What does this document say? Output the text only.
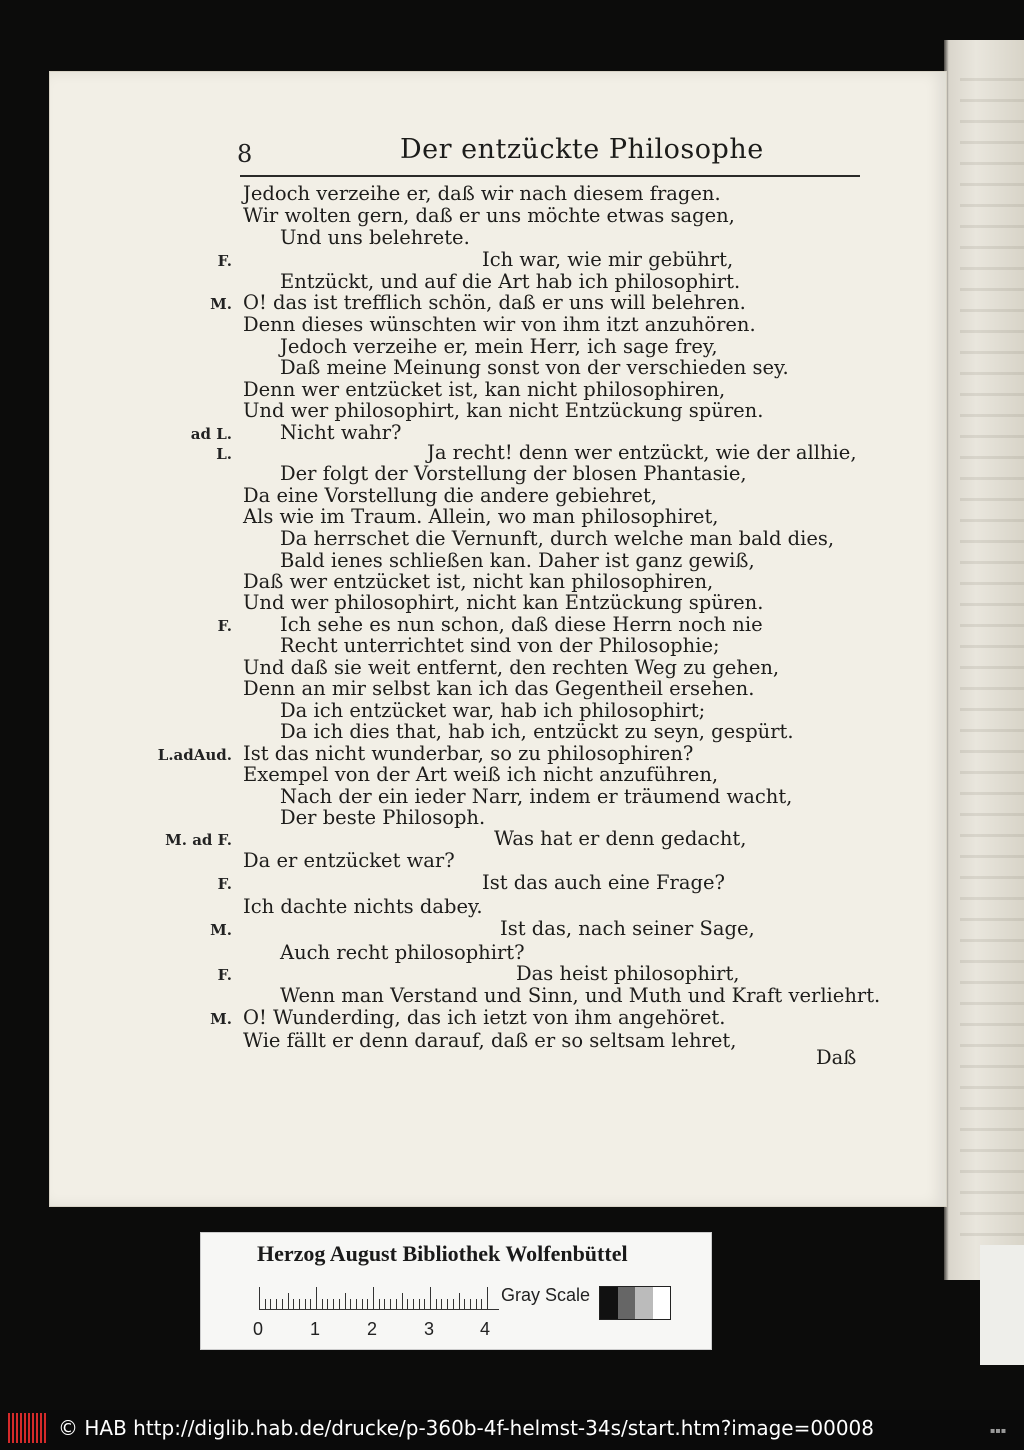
8	Der entzückte Philosophe
Jedoch verzeihe er, daß wir nach diesem fragen.
Wir wolten gern, daß er uns möchte etwas sagen,
Und uns belehrete.
Ich war, wie mir gebührt,
F.
Entzückt, und auf die Art hab ich philosophirt.
O! das ist trefflich schön, daß er uns will belehren.
M.
Denn dieses wünschten wir von ihm itzt anzuhören.
Jedoch verzeihe er, mein Herr, ich sage frey,
Daß meine Meinung sonst von der verschieden sey.
Denn wer entzücket ist, kan nicht philosophiren,
Und wer philosophirt, kan nicht Entzückung spüren.
Nicht wahr?
ad L.
Ja recht! denn wer entzückt, wie der allhie,
L.
Der folgt der Vorstellung der blosen Phantasie,
Da eine Vorstellung die andere gebiehret,
Als wie im Traum. Allein, wo man philosophiret,
Da herrschet die Vernunft, durch welche man bald dies,
Bald ienes schließen kan. Daher ist ganz gewiß,
Daß wer entzücket ist, nicht kan philosophiren,
Und wer philosophirt, nicht kan Entzückung spüren.
Ich sehe es nun schon, daß diese Herrn noch nie
F.
Recht unterrichtet sind von der Philosophie;
Und daß sie weit entfernt, den rechten Weg zu gehen,
Denn an mir selbst kan ich das Gegentheil ersehen.
Da ich entzücket war, hab ich philosophirt;
Da ich dies that, hab ich, entzückt zu seyn, gespürt.
Ist das nicht wunderbar, so zu philosophiren?
L.adAud.
Exempel von der Art weiß ich nicht anzuführen,
Nach der ein ieder Narr, indem er träumend wacht,
Der beste Philosoph.
Was hat er denn gedacht,
M. ad F.
Da er entzücket war?
Ist das auch eine Frage?
F.
Ich dachte nichts dabey.
Ist das, nach seiner Sage,
M.
Auch recht philosophirt?
Das heist philosophirt,
F.
Wenn man Verstand und Sinn, und Muth und Kraft verliehrt.
O! Wunderding, das ich ietzt von ihm angehöret.
M.
Wie fällt er denn darauf, daß er so seltsam lehret,
Daß
Herzog August Bibliothek Wolfenbüttel
0	1	2	3	4
Gray Scale
© HAB http://diglib.hab.de/drucke/p-360b-4f-helmst-34s/start.htm?image=00008	▪▪▪
